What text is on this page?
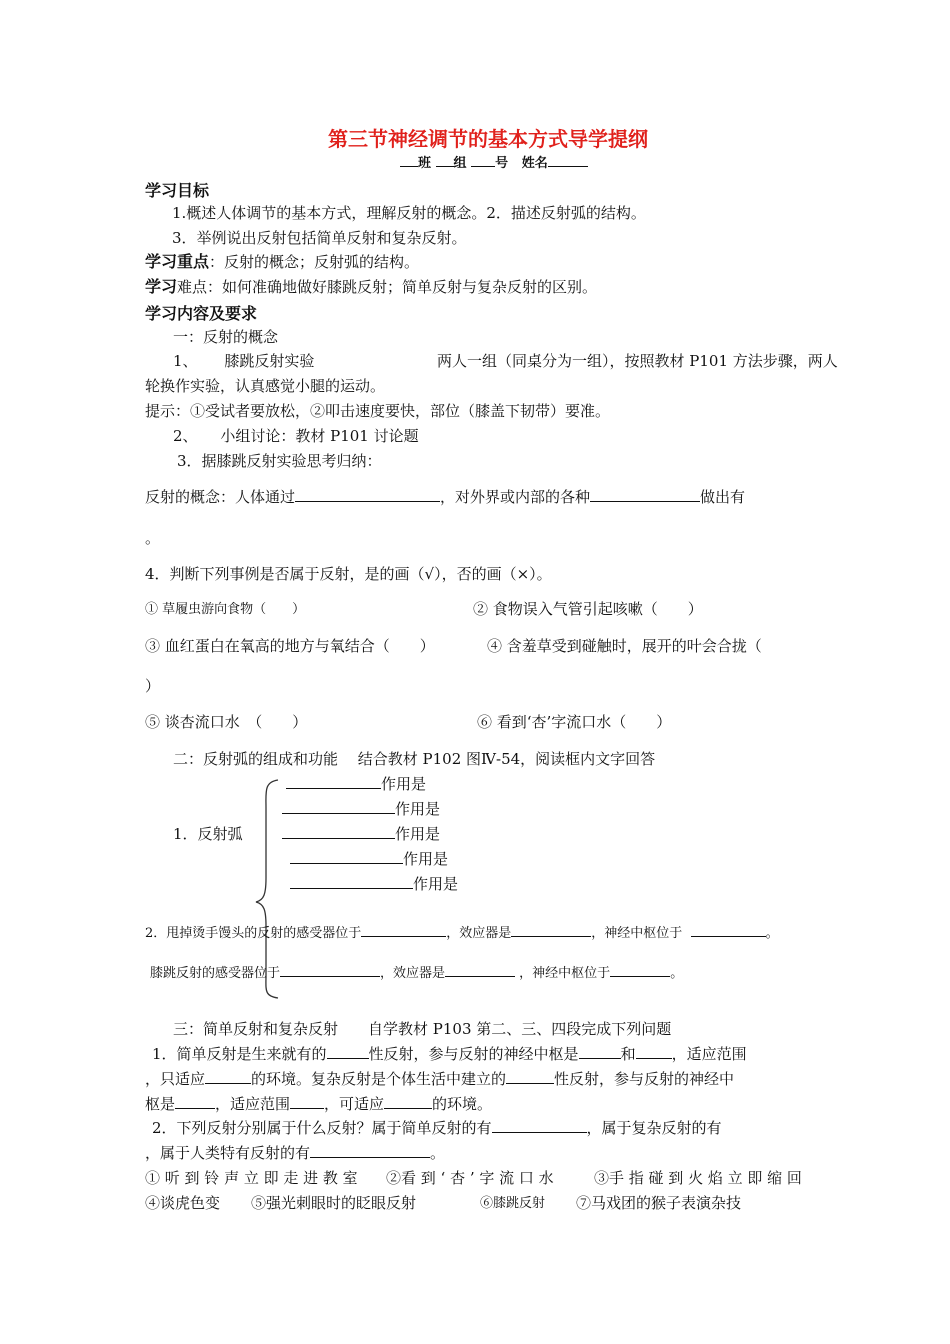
第三节神经调节的基本方式导学提纲
班 组 号 姓名
学习目标
1.概述人体调节的基本方式，理解反射的概念。2．描述反射弧的结构。
3．举例说出反射包括简单反射和复杂反射。
学习重点：反射的概念；反射弧的结构。
学习难点：如何准确地做好膝跳反射；简单反射与复杂反射的区别。
学习内容及要求
一：反射的概念
1、 膝跳反射实验	两人一组（同桌分为一组），按照教材 P101 方法步骤，两人
轮换作实验，认真感觉小腿的运动。
提示：①受试者要放松，②叩击速度要快，部位（膝盖下韧带）要准。
2、 小组讨论：教材 P101 讨论题
3．据膝跳反射实验思考归纳：
反射的概念：人体通过	，对外界或内部的各种	做出有
。
4．判断下列事例是否属于反射，是的画（√），否的画（×）。
① 草履虫游向食物（　　）	② 食物误入气管引起咳嗽（　　）
③ 血红蛋白在氧高的地方与氧结合（　　）	④ 含羞草受到碰触时，展开的叶会合拢（
）
⑤ 谈杏流口水　（　　）	⑥ 看到‘杏’字流口水（　　）
二：反射弧的组成和功能　 结合教材 P102 图Ⅳ-54，阅读框内文字回答
作用是
作用是
作用是
作用是
作用是
1．反射弧
2．甩掉烫手馒头的反射的感受器位于	，效应器是	，神经中枢位于	。
膝跳反射的感受器位于	，效应器是	，神经中枢位于	。
三：简单反射和复杂反射　　自学教材 P103 第二、三、四段完成下列问题
1．简单反射是生来就有的	性反射，参与反射的神经中枢是	和 ，适应范围
，只适应	的环境。复杂反射是个体生活中建立的	性反射，参与反射的神经中
枢是	，适应范围 ，可适应	的环境。
2．下列反射分别属于什么反射？属于简单反射的有	，属于复杂反射的有
，属于人类特有反射的有	。
① 听 到 铃 声 立 即 走 进 教 室 ②看 到 ‘ 杏 ’ 字 流 口 水	③手 指 碰 到 火 焰 立 即 缩 回
④谈虎色变 ⑤强光刺眼时的眨眼反射	⑥膝跳反射 ⑦马戏团的猴子表演杂技
